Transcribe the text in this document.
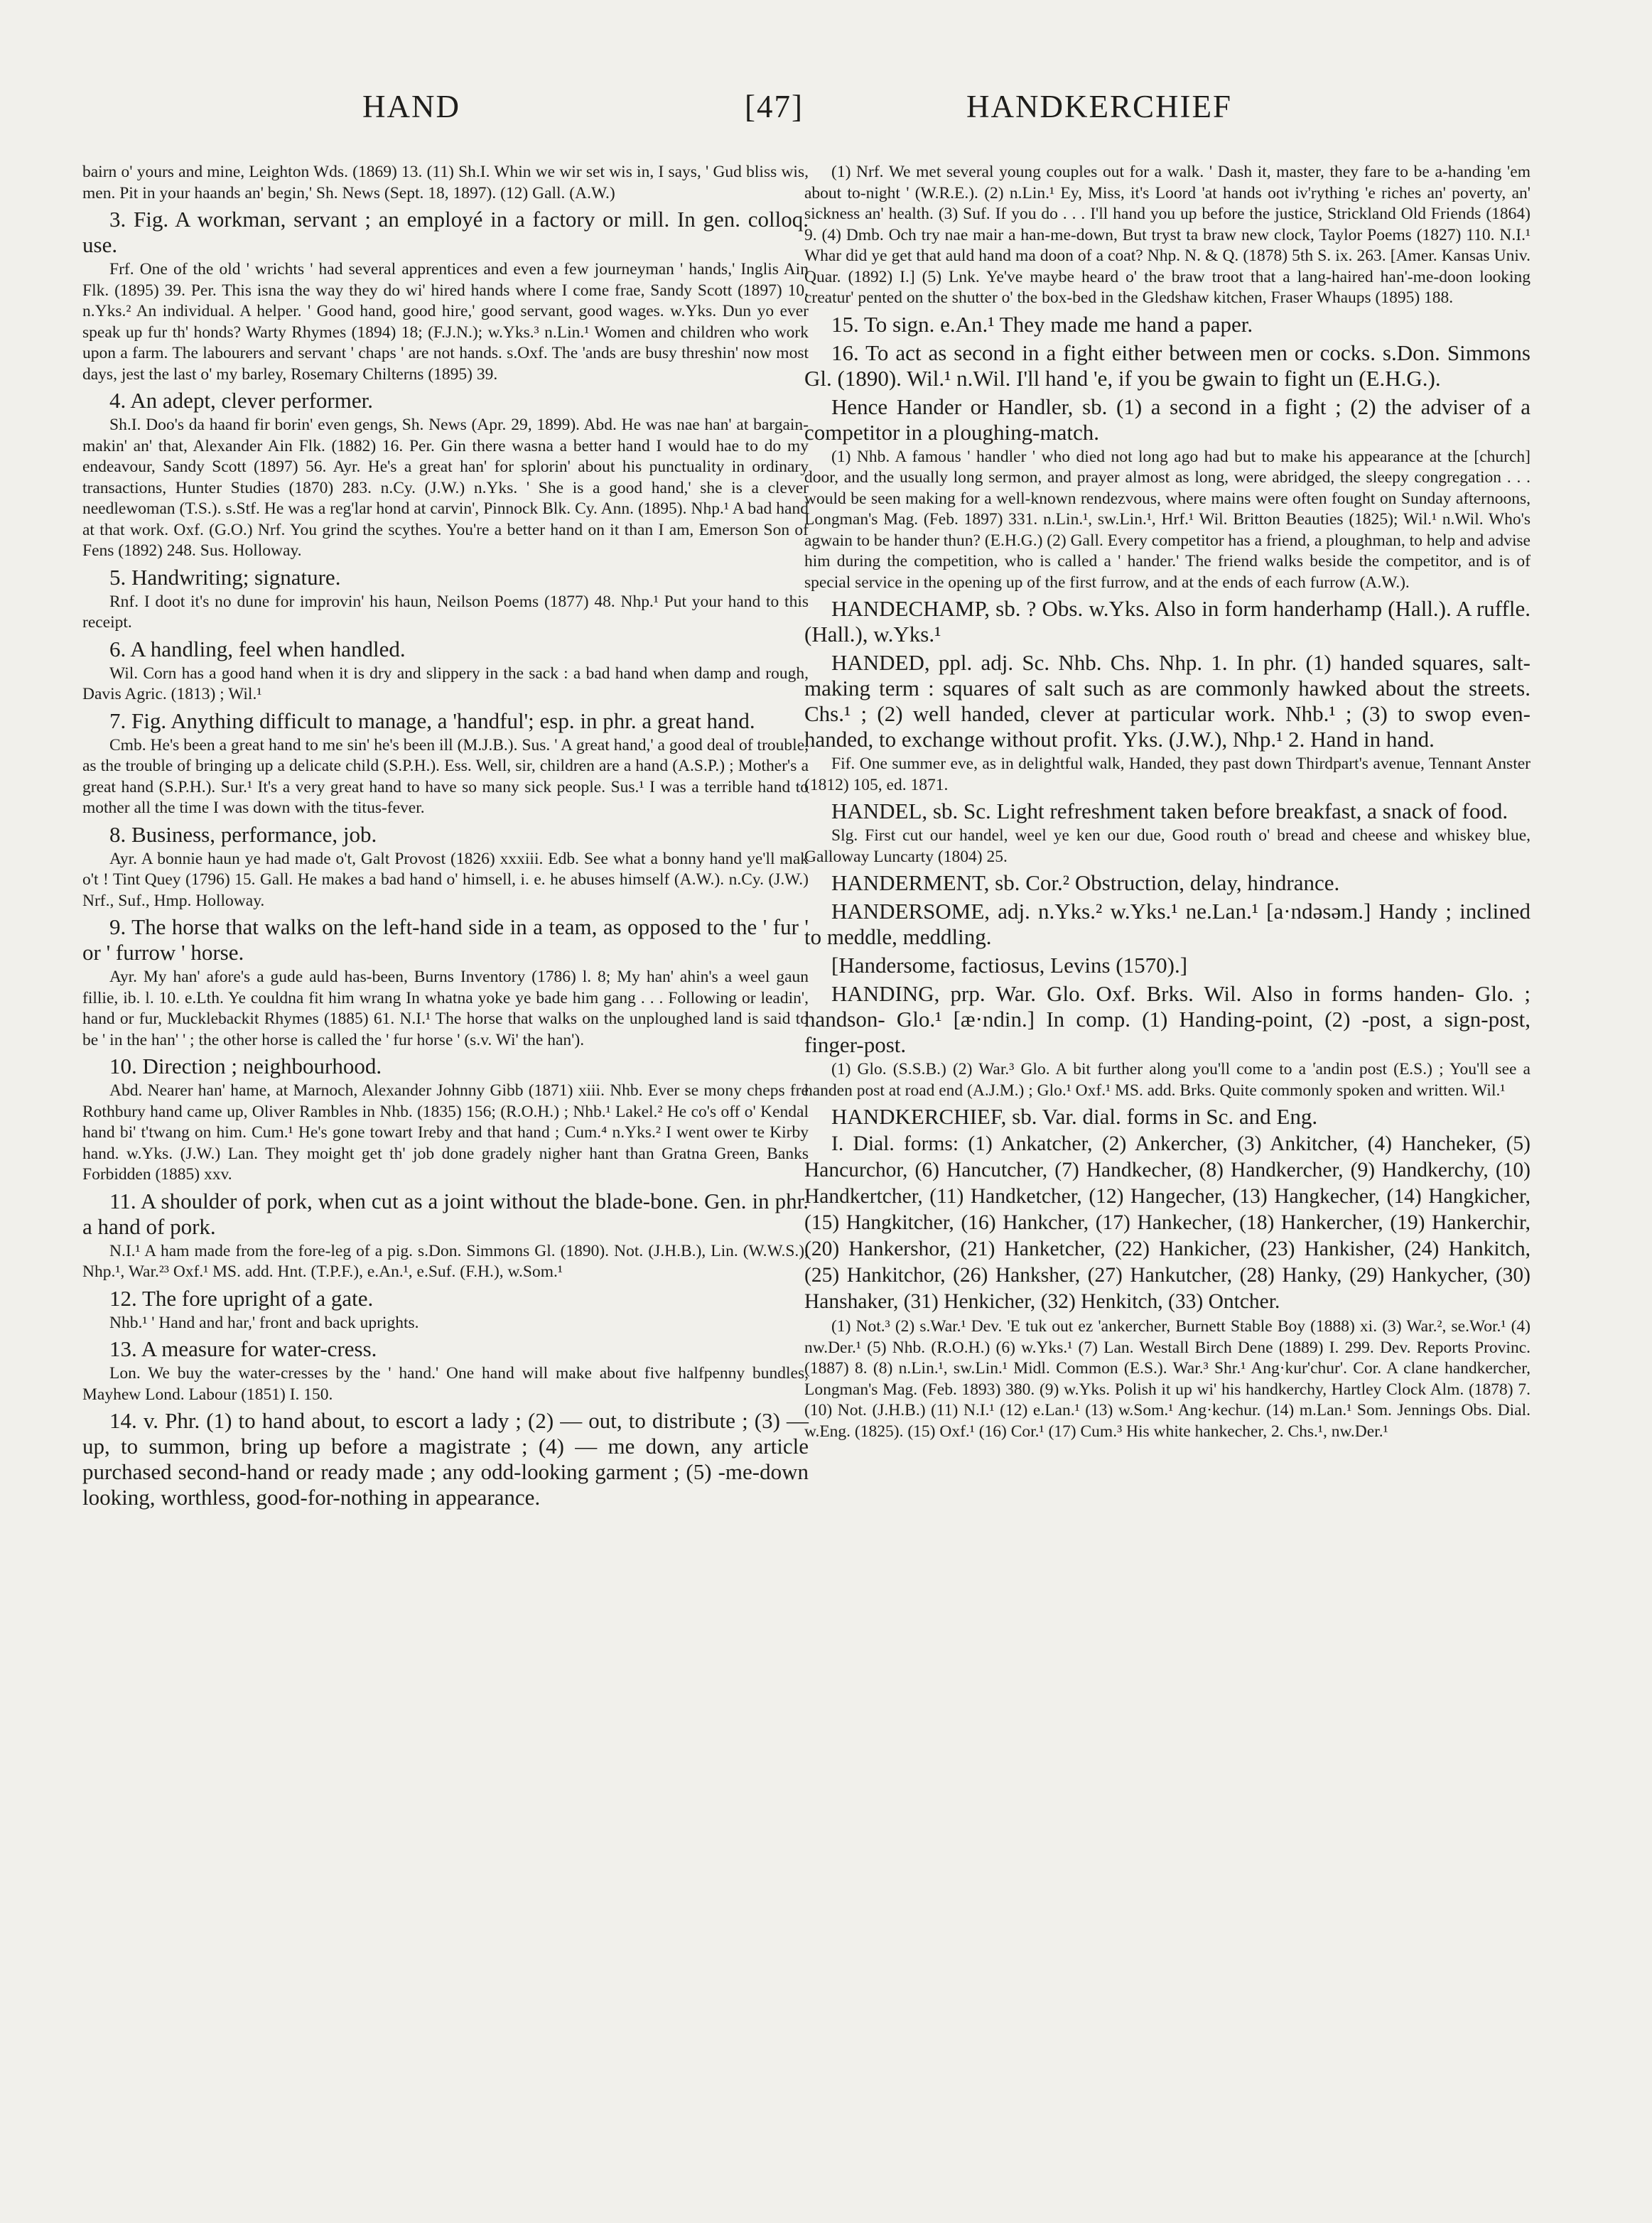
HAND	[47]	HANDKERCHIEF

bairn o' yours and mine, Leighton Wds. (1869) 13. (11) Sh.I. Whin we wir set wis in, I says, ' Gud bliss wis, men. Pit in your haands an' begin,' Sh. News (Sept. 18, 1897). (12) Gall. (A.W.)

3. Fig. A workman, servant ; an employé in a factory or mill. In gen. colloq. use.

Frf. One of the old ' wrichts ' had several apprentices and even a few journeyman ' hands,' Inglis Ain Flk. (1895) 39. Per. This isna the way they do wi' hired hands where I come frae, Sandy Scott (1897) 10. n.Yks.² An individual. A helper. ' Good hand, good hire,' good servant, good wages. w.Yks. Dun yo ever speak up fur th' honds? Warty Rhymes (1894) 18; (F.J.N.); w.Yks.³ n.Lin.¹ Women and children who work upon a farm. The labourers and servant ' chaps ' are not hands. s.Oxf. The 'ands are busy threshin' now most days, jest the last o' my barley, Rosemary Chilterns (1895) 39.

4. An adept, clever performer.

Sh.I. Doo's da haand fir borin' even gengs, Sh. News (Apr. 29, 1899). Abd. He was nae han' at bargain-makin' an' that, Alexander Ain Flk. (1882) 16. Per. Gin there wasna a better hand I would hae to do my endeavour, Sandy Scott (1897) 56. Ayr. He's a great han' for splorin' about his punctuality in ordinary transactions, Hunter Studies (1870) 283. n.Cy. (J.W.) n.Yks. ' She is a good hand,' she is a clever needlewoman (T.S.). s.Stf. He was a reg'lar hond at carvin', Pinnock Blk. Cy. Ann. (1895). Nhp.¹ A bad hand at that work. Oxf. (G.O.) Nrf. You grind the scythes. You're a better hand on it than I am, Emerson Son of Fens (1892) 248. Sus. Holloway.

5. Handwriting; signature.

Rnf. I doot it's no dune for improvin' his haun, Neilson Poems (1877) 48. Nhp.¹ Put your hand to this receipt.

6. A handling, feel when handled.

Wil. Corn has a good hand when it is dry and slippery in the sack : a bad hand when damp and rough, Davis Agric. (1813) ; Wil.¹

7. Fig. Anything difficult to manage, a 'handful'; esp. in phr. a great hand.

Cmb. He's been a great hand to me sin' he's been ill (M.J.B.). Sus. ' A great hand,' a good deal of trouble, as the trouble of bringing up a delicate child (S.P.H.). Ess. Well, sir, children are a hand (A.S.P.) ; Mother's a great hand (S.P.H.). Sur.¹ It's a very great hand to have so many sick people. Sus.¹ I was a terrible hand to mother all the time I was down with the titus-fever.

8. Business, performance, job.

Ayr. A bonnie haun ye had made o't, Galt Provost (1826) xxxiii. Edb. See what a bonny hand ye'll mak o't ! Tint Quey (1796) 15. Gall. He makes a bad hand o' himsell, i. e. he abuses himself (A.W.). n.Cy. (J.W.) Nrf., Suf., Hmp. Holloway.

9. The horse that walks on the left-hand side in a team, as opposed to the ' fur ' or ' furrow ' horse.

Ayr. My han' afore's a gude auld has-been, Burns Inventory (1786) l. 8; My han' ahin's a weel gaun fillie, ib. l. 10. e.Lth. Ye couldna fit him wrang In whatna yoke ye bade him gang . . . Following or leadin', hand or fur, Mucklebackit Rhymes (1885) 61. N.I.¹ The horse that walks on the unploughed land is said to be ' in the han' ' ; the other horse is called the ' fur horse ' (s.v. Wi' the han').

10. Direction ; neighbourhood.

Abd. Nearer han' hame, at Marnoch, Alexander Johnny Gibb (1871) xiii. Nhb. Ever se mony cheps fre Rothbury hand came up, Oliver Rambles in Nhb. (1835) 156; (R.O.H.) ; Nhb.¹ Lakel.² He co's off o' Kendal hand bi' t'twang on him. Cum.¹ He's gone towart Ireby and that hand ; Cum.⁴ n.Yks.² I went ower te Kirby hand. w.Yks. (J.W.) Lan. They moight get th' job done gradely nigher hant than Gratna Green, Banks Forbidden (1885) xxv.

11. A shoulder of pork, when cut as a joint without the blade-bone. Gen. in phr. a hand of pork.

N.I.¹ A ham made from the fore-leg of a pig. s.Don. Simmons Gl. (1890). Not. (J.H.B.), Lin. (W.W.S.), Nhp.¹, War.²³ Oxf.¹ MS. add. Hnt. (T.P.F.), e.An.¹, e.Suf. (F.H.), w.Som.¹

12. The fore upright of a gate.

Nhb.¹ ' Hand and har,' front and back uprights.

13. A measure for water-cress.

Lon. We buy the water-cresses by the ' hand.' One hand will make about five halfpenny bundles, Mayhew Lond. Labour (1851) I. 150.

14. v. Phr. (1) to hand about, to escort a lady ; (2) — out, to distribute ; (3) — up, to summon, bring up before a magistrate ; (4) — me down, any article purchased second-hand or ready made ; any odd-looking garment ; (5) -me-down looking, worthless, good-for-nothing in appearance.

(1) Nrf. We met several young couples out for a walk. ' Dash it, master, they fare to be a-handing 'em about to-night ' (W.R.E.). (2) n.Lin.¹ Ey, Miss, it's Loord 'at hands oot iv'rything 'e riches an' poverty, an' sickness an' health. (3) Suf. If you do . . . I'll hand you up before the justice, Strickland Old Friends (1864) 9. (4) Dmb. Och try nae mair a han-me-down, But tryst ta braw new clock, Taylor Poems (1827) 110. N.I.¹ Whar did ye get that auld hand ma doon of a coat? Nhp. N. & Q. (1878) 5th S. ix. 263. [Amer. Kansas Univ. Quar. (1892) I.] (5) Lnk. Ye've maybe heard o' the braw troot that a lang-haired han'-me-doon looking creatur' pented on the shutter o' the box-bed in the Gledshaw kitchen, Fraser Whaups (1895) 188.

15. To sign. e.An.¹ They made me hand a paper.

16. To act as second in a fight either between men or cocks. s.Don. Simmons Gl. (1890). Wil.¹ n.Wil. I'll hand 'e, if you be gwain to fight un (E.H.G.).

Hence Hander or Handler, sb. (1) a second in a fight ; (2) the adviser of a competitor in a ploughing-match.

(1) Nhb. A famous ' handler ' who died not long ago had but to make his appearance at the [church] door, and the usually long sermon, and prayer almost as long, were abridged, the sleepy congregation . . . would be seen making for a well-known rendezvous, where mains were often fought on Sunday afternoons, Longman's Mag. (Feb. 1897) 331. n.Lin.¹, sw.Lin.¹, Hrf.¹ Wil. Britton Beauties (1825); Wil.¹ n.Wil. Who's agwain to be hander thun? (E.H.G.) (2) Gall. Every competitor has a friend, a ploughman, to help and advise him during the competition, who is called a ' hander.' The friend walks beside the competitor, and is of special service in the opening up of the first furrow, and at the ends of each furrow (A.W.).

HANDECHAMP, sb. ? Obs. w.Yks. Also in form handerhamp (Hall.). A ruffle. (Hall.), w.Yks.¹

HANDED, ppl. adj. Sc. Nhb. Chs. Nhp. 1. In phr. (1) handed squares, salt-making term : squares of salt such as are commonly hawked about the streets. Chs.¹ ; (2) well handed, clever at particular work. Nhb.¹ ; (3) to swop even-handed, to exchange without profit. Yks. (J.W.), Nhp.¹ 2. Hand in hand.

Fif. One summer eve, as in delightful walk, Handed, they past down Thirdpart's avenue, Tennant Anster (1812) 105, ed. 1871.

HANDEL, sb. Sc. Light refreshment taken before breakfast, a snack of food.

Slg. First cut our handel, weel ye ken our due, Good routh o' bread and cheese and whiskey blue, Galloway Luncarty (1804) 25.

HANDERMENT, sb. Cor.² Obstruction, delay, hindrance.

HANDERSOME, adj. n.Yks.² w.Yks.¹ ne.Lan.¹ [a·ndəsəm.] Handy ; inclined to meddle, meddling.

[Handersome, factiosus, Levins (1570).]

HANDING, prp. War. Glo. Oxf. Brks. Wil. Also in forms handen- Glo. ; handson- Glo.¹ [æ·ndin.] In comp. (1) Handing-point, (2) -post, a sign-post, finger-post.

(1) Glo. (S.S.B.) (2) War.³ Glo. A bit further along you'll come to a 'andin post (E.S.) ; You'll see a handen post at road end (A.J.M.) ; Glo.¹ Oxf.¹ MS. add. Brks. Quite commonly spoken and written. Wil.¹

HANDKERCHIEF, sb. Var. dial. forms in Sc. and Eng.

I. Dial. forms: (1) Ankatcher, (2) Ankercher, (3) Ankitcher, (4) Hancheker, (5) Hancurchor, (6) Hancutcher, (7) Handkecher, (8) Handkercher, (9) Handkerchy, (10) Handkertcher, (11) Handketcher, (12) Hangecher, (13) Hangkecher, (14) Hangkicher, (15) Hangkitcher, (16) Hankcher, (17) Hankecher, (18) Hankercher, (19) Hankerchir, (20) Hankershor, (21) Hanketcher, (22) Hankicher, (23) Hankisher, (24) Hankitch, (25) Hankitchor, (26) Hanksher, (27) Hankutcher, (28) Hanky, (29) Hankycher, (30) Hanshaker, (31) Henkicher, (32) Henkitch, (33) Ontcher.

(1) Not.³ (2) s.War.¹ Dev. 'E tuk out ez 'ankercher, Burnett Stable Boy (1888) xi. (3) War.², se.Wor.¹ (4) nw.Der.¹ (5) Nhb. (R.O.H.) (6) w.Yks.¹ (7) Lan. Westall Birch Dene (1889) I. 299. Dev. Reports Provinc. (1887) 8. (8) n.Lin.¹, sw.Lin.¹ Midl. Common (E.S.). War.³ Shr.¹ Ang·kur'chur'. Cor. A clane handkercher, Longman's Mag. (Feb. 1893) 380. (9) w.Yks. Polish it up wi' his handkerchy, Hartley Clock Alm. (1878) 7. (10) Not. (J.H.B.) (11) N.I.¹ (12) e.Lan.¹ (13) w.Som.¹ Ang·kechur. (14) m.Lan.¹ Som. Jennings Obs. Dial. w.Eng. (1825). (15) Oxf.¹ (16) Cor.¹ (17) Cum.³ His white hankecher, 2. Chs.¹, nw.Der.¹
